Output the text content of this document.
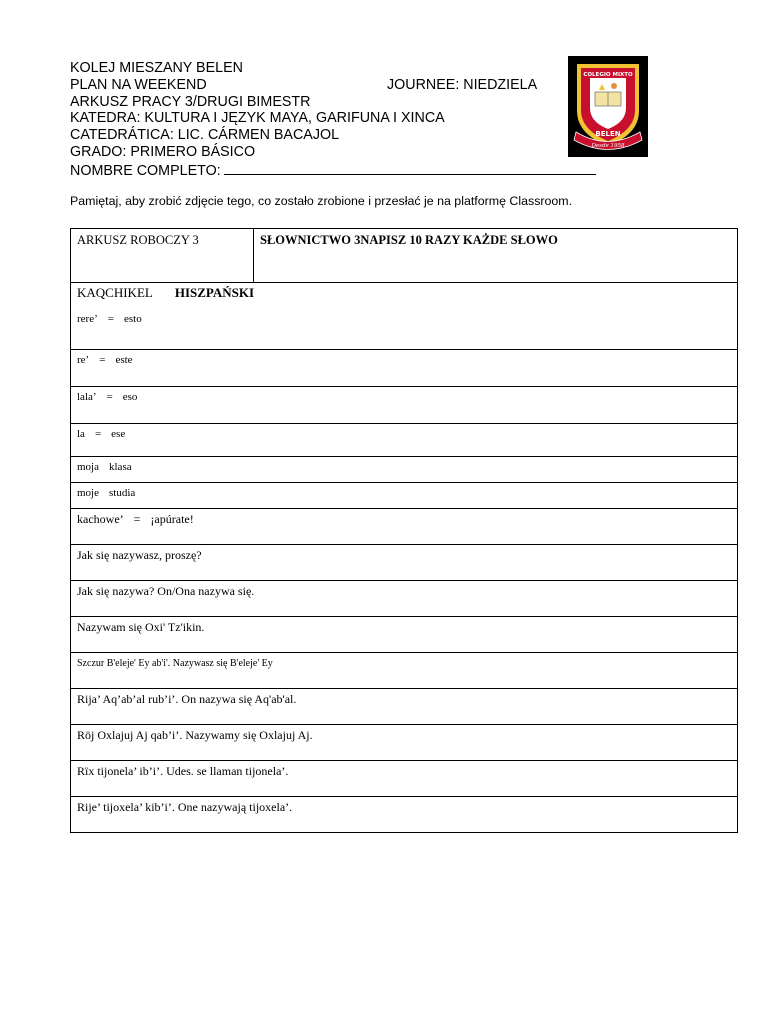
KOLEJ MIESZANY BELEN
PLAN NA WEEKEND
ARKUSZ PRACY 3/DRUGI BIMESTR
KATEDRA: KULTURA I JĘZYK MAYA, GARIFUNA I XINCA
CATEDRÁTICA: LIC. CÁRMEN BACAJOL
GRADO: PRIMERO BÁSICO
NOMBRE COMPLETO:
JOURNEE: NIEDZIELA
COLEGIO MIXTO
BELEN
Desde 1958
Pamiętaj, aby zrobić zdjęcie tego, co zostało zrobione i przesłać je na platformę Classroom.
ARKUSZ ROBOCZY 3	SŁOWNICTWO 3NAPISZ 10 RAZY KAŻDE SŁOWO

KAQCHIKEL HISZPAŃSKI
rere’ = esto

re’ = este
lala’ = eso
la = ese
moja klasa
moje studia
kachowe’ = ¡apúrate!
Jak się nazywasz, proszę?
Jak się nazywa? On/Ona nazywa się.
Nazywam się Oxi' Tz'ikin.
Szczur B'eleje' Ey ab'i'. Nazywasz się B'eleje' Ey
Rija’ Aq’ab’al rub’i’. On nazywa się Aq'ab'al.
Röj Oxlajuj Aj qab’i’. Nazywamy się Oxlajuj Aj.
Rïx tijonela’ ib’i’. Udes. se llaman tijonela’.
Rije’ tijoxela’ kib’i’. One nazywają tijoxela’.
